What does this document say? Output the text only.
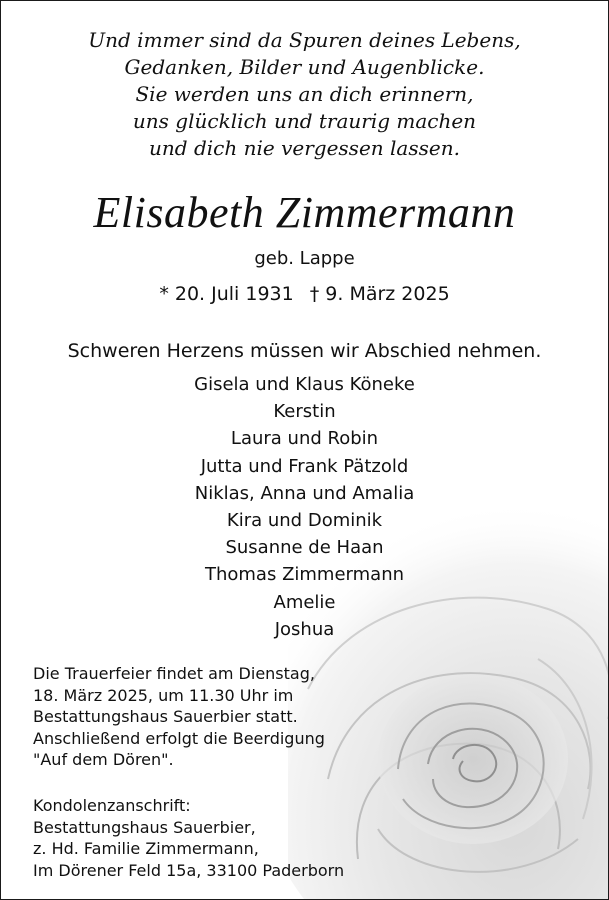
Und immer sind da Spuren deines Lebens,
Gedanken, Bilder und Augenblicke.
Sie werden uns an dich erinnern,
uns glücklich und traurig machen
und dich nie vergessen lassen.
Elisabeth Zimmermann
geb. Lappe
* 20. Juli 1931 † 9. März 2025
Schweren Herzens müssen wir Abschied nehmen.
Gisela und Klaus Köneke
Kerstin
Laura und Robin
Jutta und Frank Pätzold
Niklas, Anna und Amalia
Kira und Dominik
Susanne de Haan
Thomas Zimmermann
Amelie
Joshua
Die Trauerfeier findet am Dienstag,
18. März 2025, um 11.30 Uhr im
Bestattungshaus Sauerbier statt.
Anschließend erfolgt die Beerdigung
"Auf dem Dören".
Kondolenzanschrift:
Bestattungshaus Sauerbier,
z. Hd. Familie Zimmermann,
Im Dörener Feld 15a, 33100 Paderborn
